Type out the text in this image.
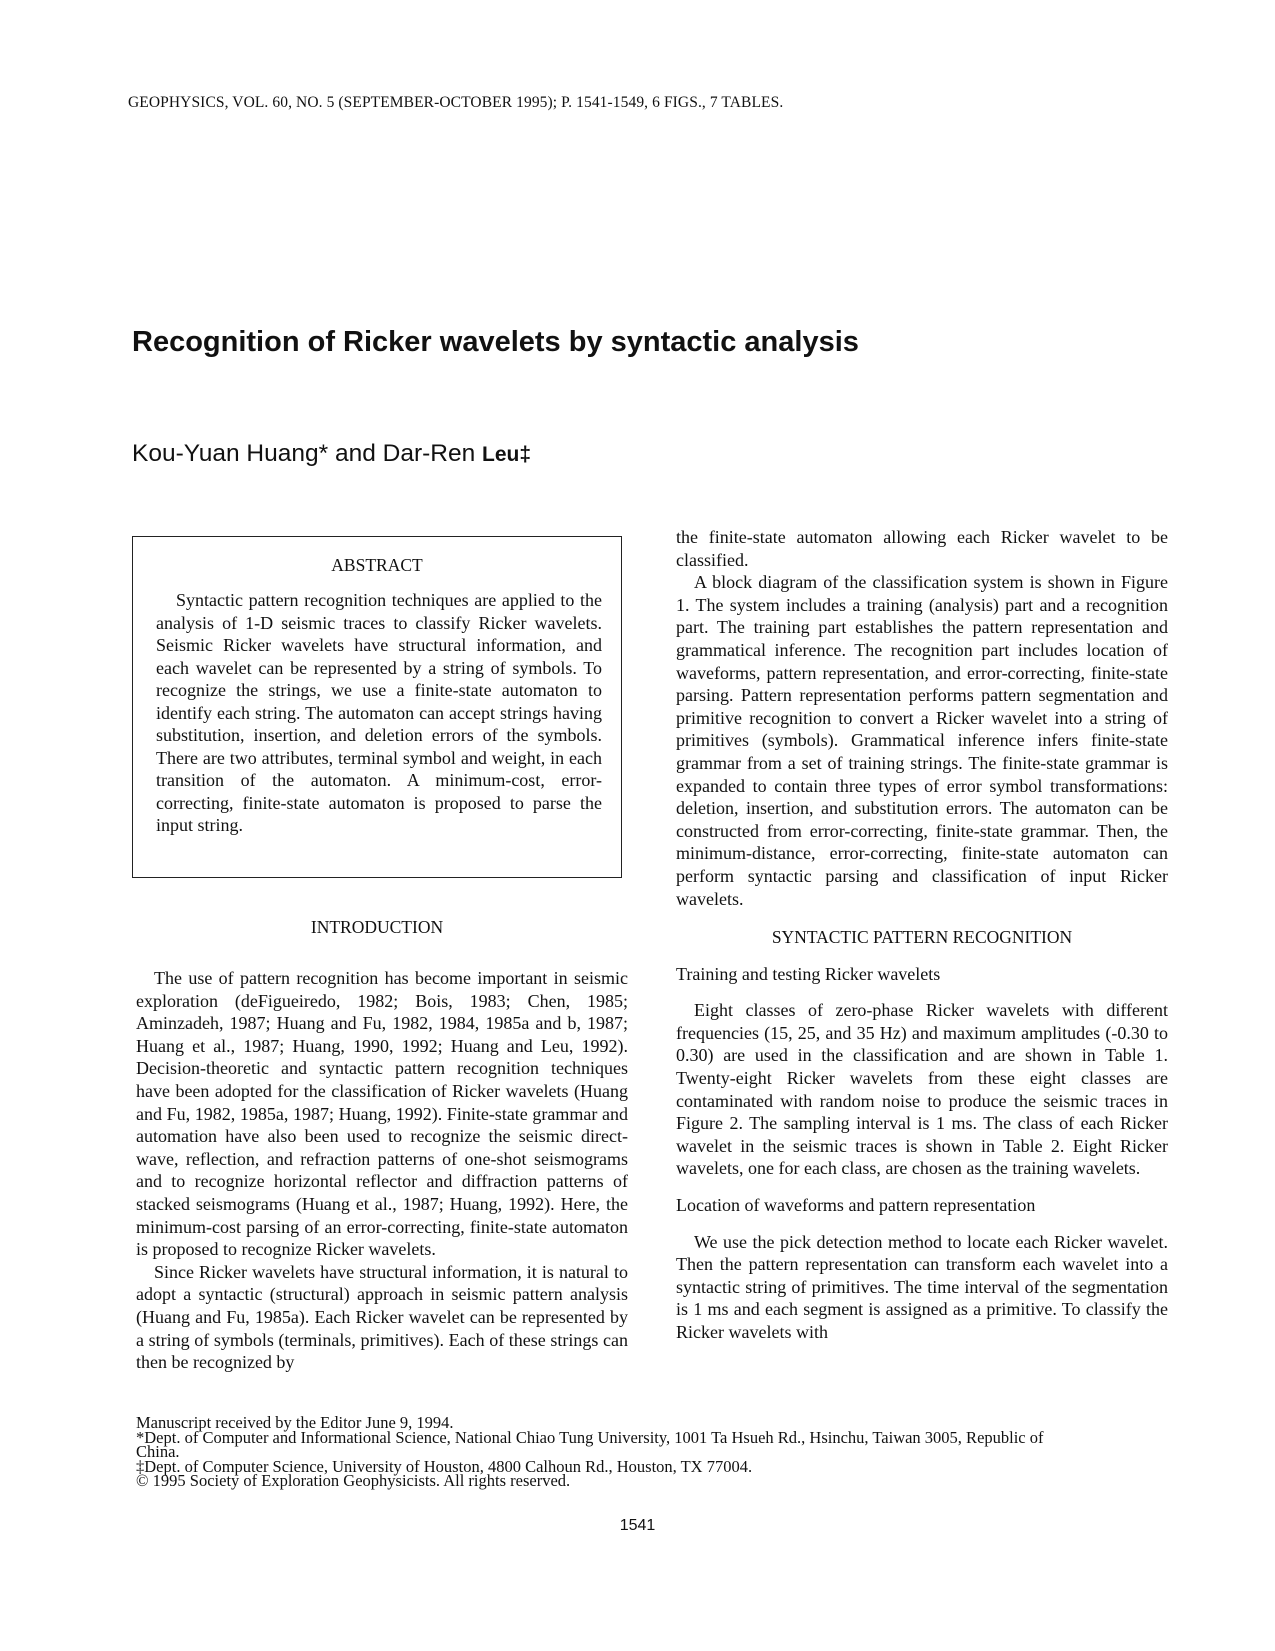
GEOPHYSICS, VOL. 60, NO. 5 (SEPTEMBER-OCTOBER 1995); P. 1541-1549, 6 FIGS., 7 TABLES.
Recognition of Ricker wavelets by syntactic analysis
Kou-Yuan Huang* and Dar-Ren Leu‡
ABSTRACT

Syntactic pattern recognition techniques are applied to the analysis of 1-D seismic traces to classify Ricker wavelets. Seismic Ricker wavelets have structural information, and each wavelet can be represented by a string of symbols. To recognize the strings, we use a finite-state automaton to identify each string. The automaton can accept strings having substitution, insertion, and deletion errors of the symbols. There are two attributes, terminal symbol and weight, in each transition of the automaton. A minimum-cost, error-correcting, finite-state automaton is proposed to parse the input string.

INTRODUCTION

The use of pattern recognition has become important in seismic exploration (deFigueiredo, 1982; Bois, 1983; Chen, 1985; Aminzadeh, 1987; Huang and Fu, 1982, 1984, 1985a and b, 1987; Huang et al., 1987; Huang, 1990, 1992; Huang and Leu, 1992). Decision-theoretic and syntactic pattern recognition techniques have been adopted for the classification of Ricker wavelets (Huang and Fu, 1982, 1985a, 1987; Huang, 1992). Finite-state grammar and automation have also been used to recognize the seismic direct-wave, reflection, and refraction patterns of one-shot seismograms and to recognize horizontal reflector and diffraction patterns of stacked seismograms (Huang et al., 1987; Huang, 1992). Here, the minimum-cost parsing of an error-correcting, finite-state automaton is proposed to recognize Ricker wavelets.

Since Ricker wavelets have structural information, it is natural to adopt a syntactic (structural) approach in seismic pattern analysis (Huang and Fu, 1985a). Each Ricker wavelet can be represented by a string of symbols (terminals, primitives). Each of these strings can then be recognized by

the finite-state automaton allowing each Ricker wavelet to be classified.

A block diagram of the classification system is shown in Figure 1. The system includes a training (analysis) part and a recognition part. The training part establishes the pattern representation and grammatical inference. The recognition part includes location of waveforms, pattern representation, and error-correcting, finite-state parsing. Pattern representation performs pattern segmentation and primitive recognition to convert a Ricker wavelet into a string of primitives (symbols). Grammatical inference infers finite-state grammar from a set of training strings. The finite-state grammar is expanded to contain three types of error symbol transformations: deletion, insertion, and substitution errors. The automaton can be constructed from error-correcting, finite-state grammar. Then, the minimum-distance, error-correcting, finite-state automaton can perform syntactic parsing and classification of input Ricker wavelets.

SYNTACTIC PATTERN RECOGNITION

Training and testing Ricker wavelets

Eight classes of zero-phase Ricker wavelets with different frequencies (15, 25, and 35 Hz) and maximum amplitudes (-0.30 to 0.30) are used in the classification and are shown in Table 1. Twenty-eight Ricker wavelets from these eight classes are contaminated with random noise to produce the seismic traces in Figure 2. The sampling interval is 1 ms. The class of each Ricker wavelet in the seismic traces is shown in Table 2. Eight Ricker wavelets, one for each class, are chosen as the training wavelets.

Location of waveforms and pattern representation

We use the pick detection method to locate each Ricker wavelet. Then the pattern representation can transform each wavelet into a syntactic string of primitives. The time interval of the segmentation is 1 ms and each segment is assigned as a primitive. To classify the Ricker wavelets with

Manuscript received by the Editor June 9, 1994.
*Dept. of Computer and Informational Science, National Chiao Tung University, 1001 Ta Hsueh Rd., Hsinchu, Taiwan 3005, Republic of
China.
‡Dept. of Computer Science, University of Houston, 4800 Calhoun Rd., Houston, TX 77004.
© 1995 Society of Exploration Geophysicists. All rights reserved.
1541
